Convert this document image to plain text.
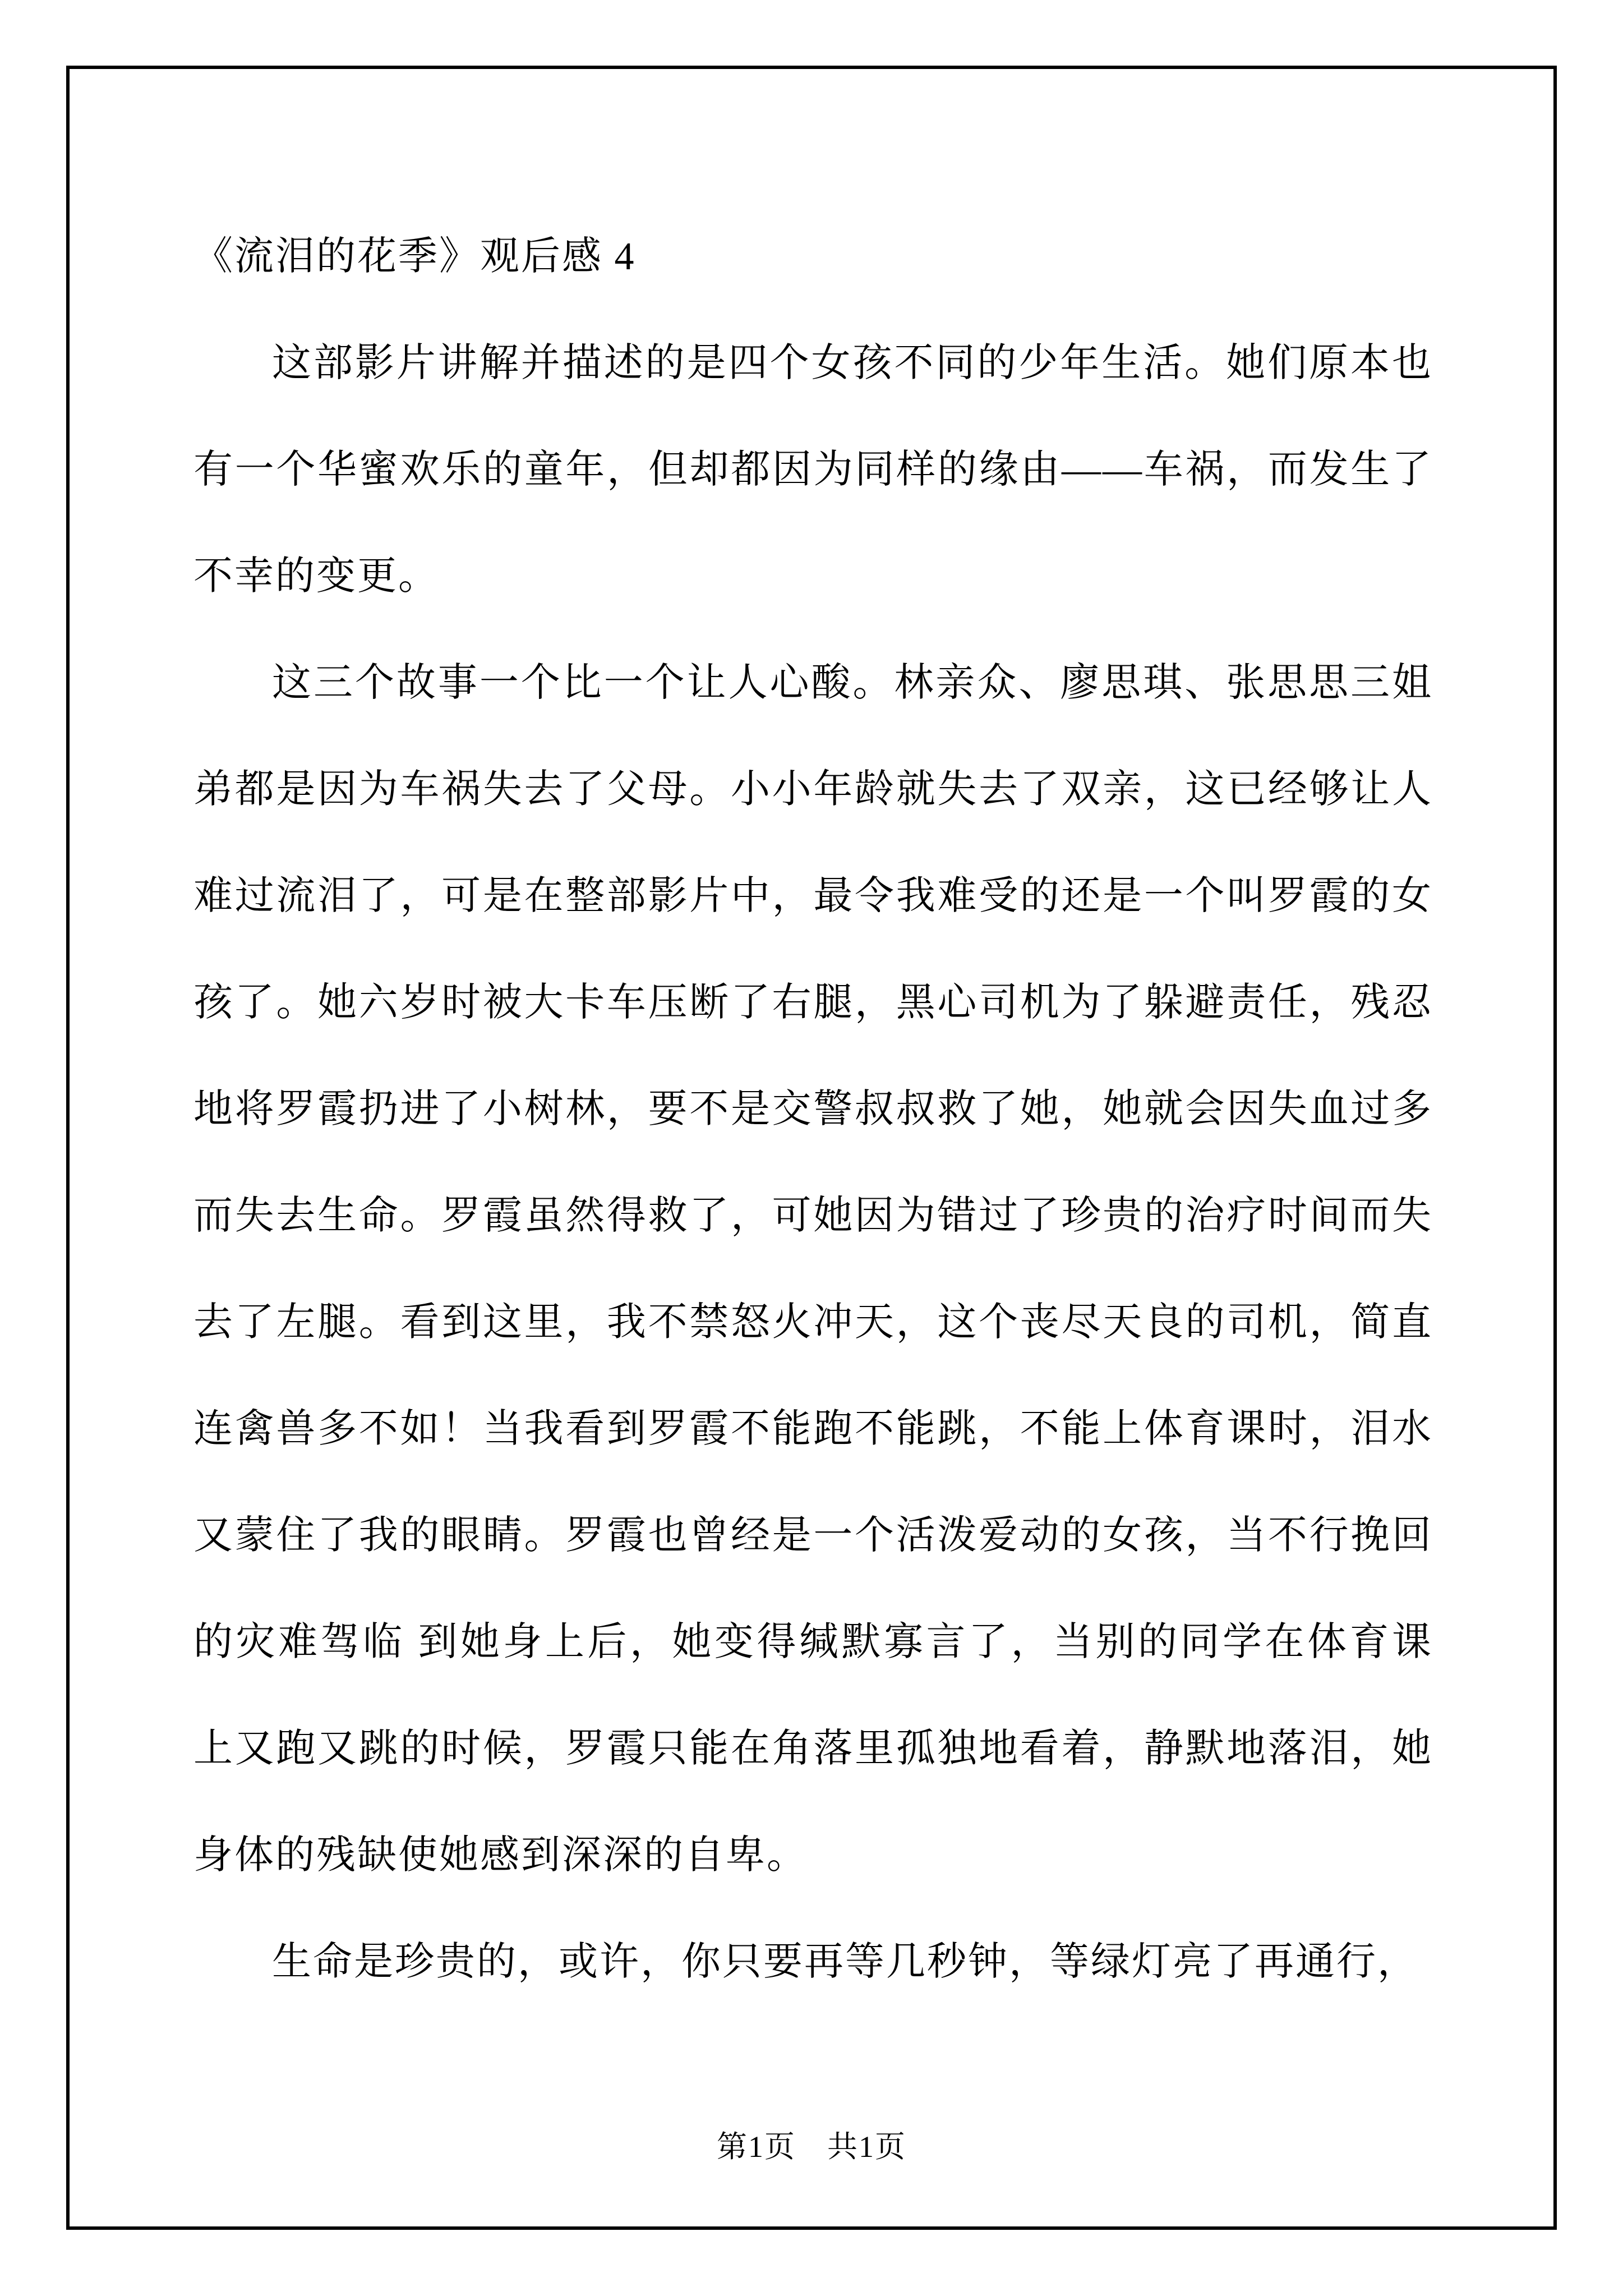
《流泪的花季》观后感 4

这部影片讲解并描述的是四个女孩不同的少年生活。她们原本也有一个华蜜欢乐的童年，但却都因为同样的缘由——车祸，而发生了不幸的变更。

这三个故事一个比一个让人心酸。林亲众、廖思琪、张思思三姐弟都是因为车祸失去了父母。小小年龄就失去了双亲，这已经够让人难过流泪了，可是在整部影片中，最令我难受的还是一个叫罗霞的女孩了。她六岁时被大卡车压断了右腿，黑心司机为了躲避责任，残忍地将罗霞扔进了小树林，要不是交警叔叔救了她，她就会因失血过多而失去生命。罗霞虽然得救了，可她因为错过了珍贵的治疗时间而失去了左腿。看到这里，我不禁怒火冲天，这个丧尽天良的司机，简直连禽兽多不如！当我看到罗霞不能跑不能跳，不能上体育课时，泪水又蒙住了我的眼睛。罗霞也曾经是一个活泼爱动的女孩，当不行挽回的灾难驾临 到她身上后，她变得缄默寡言了，当别的同学在体育课上又跑又跳的时候，罗霞只能在角落里孤独地看着，静默地落泪，她身体的残缺使她感到深深的自卑。

生命是珍贵的，或许，你只要再等几秒钟，等绿灯亮了再通行，

第1页　共1页
